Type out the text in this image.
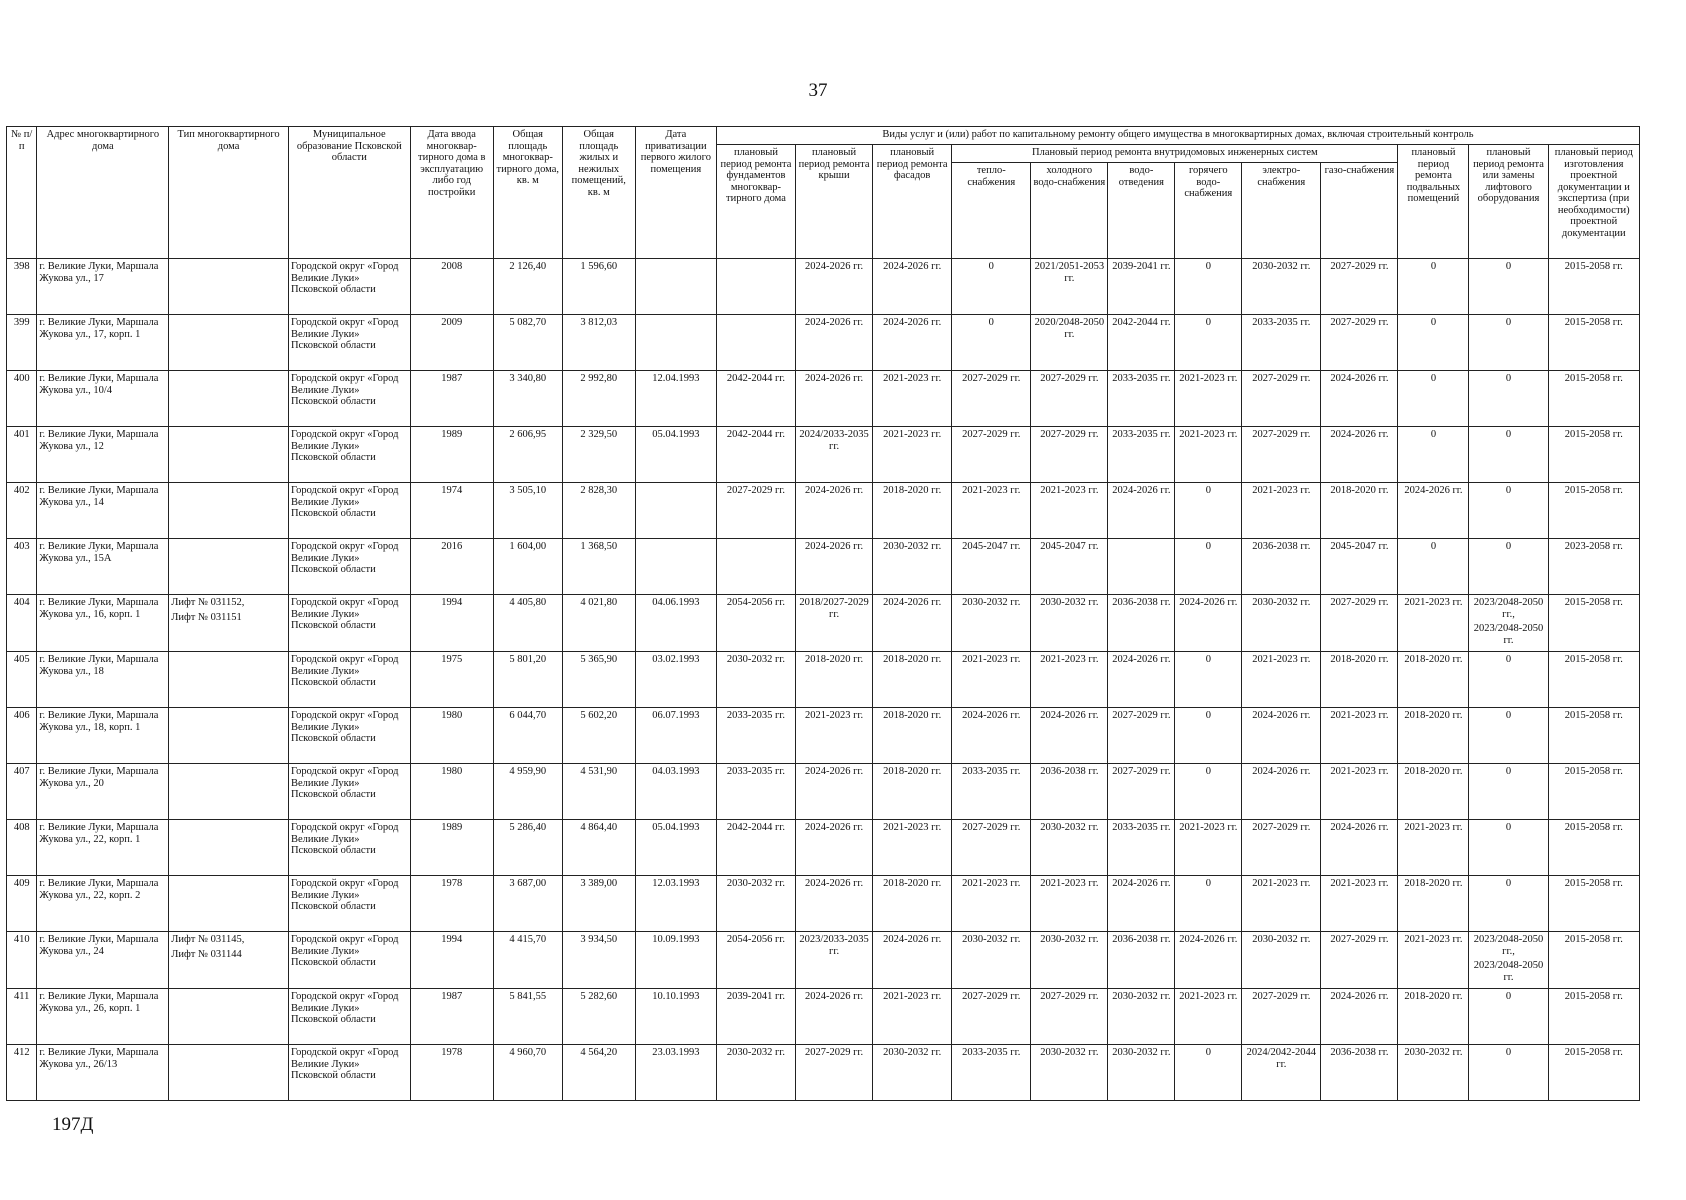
37
№ п/п	Адрес многоквартирного дома	Тип многоквартирного дома	Муниципальное образование Псковской области	Дата ввода многоквар-тирного дома в эксплуатацию либо год постройки	Общая площадь многоквар-тирного дома, кв. м	Общая площадь жилых и нежилых помещений, кв. м	Дата приватизации первого жилого помещения	Виды услуг и (или) работ по капитальному ремонту общего имущества в многоквартирных домах, включая строительный контроль											
								плановый период ремонта фундаментов многоквар-тирного дома	плановый период ремонта крыши	плановый период ремонта фасадов	Плановый период ремонта внутридомовых инженерных систем						плановый период ремонта подвальных помещений	плановый период ремонта или замены лифтового оборудования	плановый период изготовления проектной документации и экспертиза (при необходимости) проектной документации
											тепло-снабжения	холодного водо-снабжения	водо-отведения	горячего водо-снабжения	электро-снабжения	газо-снабжения			
398	г. Великие Луки, Маршала Жукова ул., 17		Городской округ «Город Великие Луки» Псковской области	2008	2 126,40	1 596,60			2024-2026 гг.	2024-2026 гг.	0	2021/2051-2053 гг.	2039-2041 гг.	0	2030-2032 гг.	2027-2029 гг.	0	0	2015-2058 гг.
399	г. Великие Луки, Маршала Жукова ул., 17, корп. 1		Городской округ «Город Великие Луки» Псковской области	2009	5 082,70	3 812,03			2024-2026 гг.	2024-2026 гг.	0	2020/2048-2050 гг.	2042-2044 гг.	0	2033-2035 гг.	2027-2029 гг.	0	0	2015-2058 гг.
400	г. Великие Луки, Маршала Жукова ул., 10/4		Городской округ «Город Великие Луки» Псковской области	1987	3 340,80	2 992,80	12.04.1993	2042-2044 гг.	2024-2026 гг.	2021-2023 гг.	2027-2029 гг.	2027-2029 гг.	2033-2035 гг.	2021-2023 гг.	2027-2029 гг.	2024-2026 гг.	0	0	2015-2058 гг.
401	г. Великие Луки, Маршала Жукова ул., 12		Городской округ «Город Великие Луки» Псковской области	1989	2 606,95	2 329,50	05.04.1993	2042-2044 гг.	2024/2033-2035 гг.	2021-2023 гг.	2027-2029 гг.	2027-2029 гг.	2033-2035 гг.	2021-2023 гг.	2027-2029 гг.	2024-2026 гг.	0	0	2015-2058 гг.
402	г. Великие Луки, Маршала Жукова ул., 14		Городской округ «Город Великие Луки» Псковской области	1974	3 505,10	2 828,30		2027-2029 гг.	2024-2026 гг.	2018-2020 гг.	2021-2023 гг.	2021-2023 гг.	2024-2026 гг.	0	2021-2023 гг.	2018-2020 гг.	2024-2026 гг.	0	2015-2058 гг.
403	г. Великие Луки, Маршала Жукова ул., 15А		Городской округ «Город Великие Луки» Псковской области	2016	1 604,00	1 368,50			2024-2026 гг.	2030-2032 гг.	2045-2047 гг.	2045-2047 гг.		0	2036-2038 гг.	2045-2047 гг.	0	0	2023-2058 гг.
404	г. Великие Луки, Маршала Жукова ул., 16, корп. 1	Лифт № 031152,
Лифт № 031151	Городской округ «Город Великие Луки» Псковской области	1994	4 405,80	4 021,80	04.06.1993	2054-2056 гг.	2018/2027-2029 гг.	2024-2026 гг.	2030-2032 гг.	2030-2032 гг.	2036-2038 гг.	2024-2026 гг.	2030-2032 гг.	2027-2029 гг.	2021-2023 гг.	2023/2048-2050 гг.,
2023/2048-2050 гг.	2015-2058 гг.
405	г. Великие Луки, Маршала Жукова ул., 18		Городской округ «Город Великие Луки» Псковской области	1975	5 801,20	5 365,90	03.02.1993	2030-2032 гг.	2018-2020 гг.	2018-2020 гг.	2021-2023 гг.	2021-2023 гг.	2024-2026 гг.	0	2021-2023 гг.	2018-2020 гг.	2018-2020 гг.	0	2015-2058 гг.
406	г. Великие Луки, Маршала Жукова ул., 18, корп. 1		Городской округ «Город Великие Луки» Псковской области	1980	6 044,70	5 602,20	06.07.1993	2033-2035 гг.	2021-2023 гг.	2018-2020 гг.	2024-2026 гг.	2024-2026 гг.	2027-2029 гг.	0	2024-2026 гг.	2021-2023 гг.	2018-2020 гг.	0	2015-2058 гг.
407	г. Великие Луки, Маршала Жукова ул., 20		Городской округ «Город Великие Луки» Псковской области	1980	4 959,90	4 531,90	04.03.1993	2033-2035 гг.	2024-2026 гг.	2018-2020 гг.	2033-2035 гг.	2036-2038 гг.	2027-2029 гг.	0	2024-2026 гг.	2021-2023 гг.	2018-2020 гг.	0	2015-2058 гг.
408	г. Великие Луки, Маршала Жукова ул., 22, корп. 1		Городской округ «Город Великие Луки» Псковской области	1989	5 286,40	4 864,40	05.04.1993	2042-2044 гг.	2024-2026 гг.	2021-2023 гг.	2027-2029 гг.	2030-2032 гг.	2033-2035 гг.	2021-2023 гг.	2027-2029 гг.	2024-2026 гг.	2021-2023 гг.	0	2015-2058 гг.
409	г. Великие Луки, Маршала Жукова ул., 22, корп. 2		Городской округ «Город Великие Луки» Псковской области	1978	3 687,00	3 389,00	12.03.1993	2030-2032 гг.	2024-2026 гг.	2018-2020 гг.	2021-2023 гг.	2021-2023 гг.	2024-2026 гг.	0	2021-2023 гг.	2021-2023 гг.	2018-2020 гг.	0	2015-2058 гг.
410	г. Великие Луки, Маршала Жукова ул., 24	Лифт № 031145,
Лифт № 031144	Городской округ «Город Великие Луки» Псковской области	1994	4 415,70	3 934,50	10.09.1993	2054-2056 гг.	2023/2033-2035 гг.	2024-2026 гг.	2030-2032 гг.	2030-2032 гг.	2036-2038 гг.	2024-2026 гг.	2030-2032 гг.	2027-2029 гг.	2021-2023 гг.	2023/2048-2050 гг.,
2023/2048-2050 гг.	2015-2058 гг.
411	г. Великие Луки, Маршала Жукова ул., 26, корп. 1		Городской округ «Город Великие Луки» Псковской области	1987	5 841,55	5 282,60	10.10.1993	2039-2041 гг.	2024-2026 гг.	2021-2023 гг.	2027-2029 гг.	2027-2029 гг.	2030-2032 гг.	2021-2023 гг.	2027-2029 гг.	2024-2026 гг.	2018-2020 гг.	0	2015-2058 гг.
412	г. Великие Луки, Маршала Жукова ул., 26/13		Городской округ «Город Великие Луки» Псковской области	1978	4 960,70	4 564,20	23.03.1993	2030-2032 гг.	2027-2029 гг.	2030-2032 гг.	2033-2035 гг.	2030-2032 гг.	2030-2032 гг.	0	2024/2042-2044 гг.	2036-2038 гг.	2030-2032 гг.	0	2015-2058 гг.
197Д
